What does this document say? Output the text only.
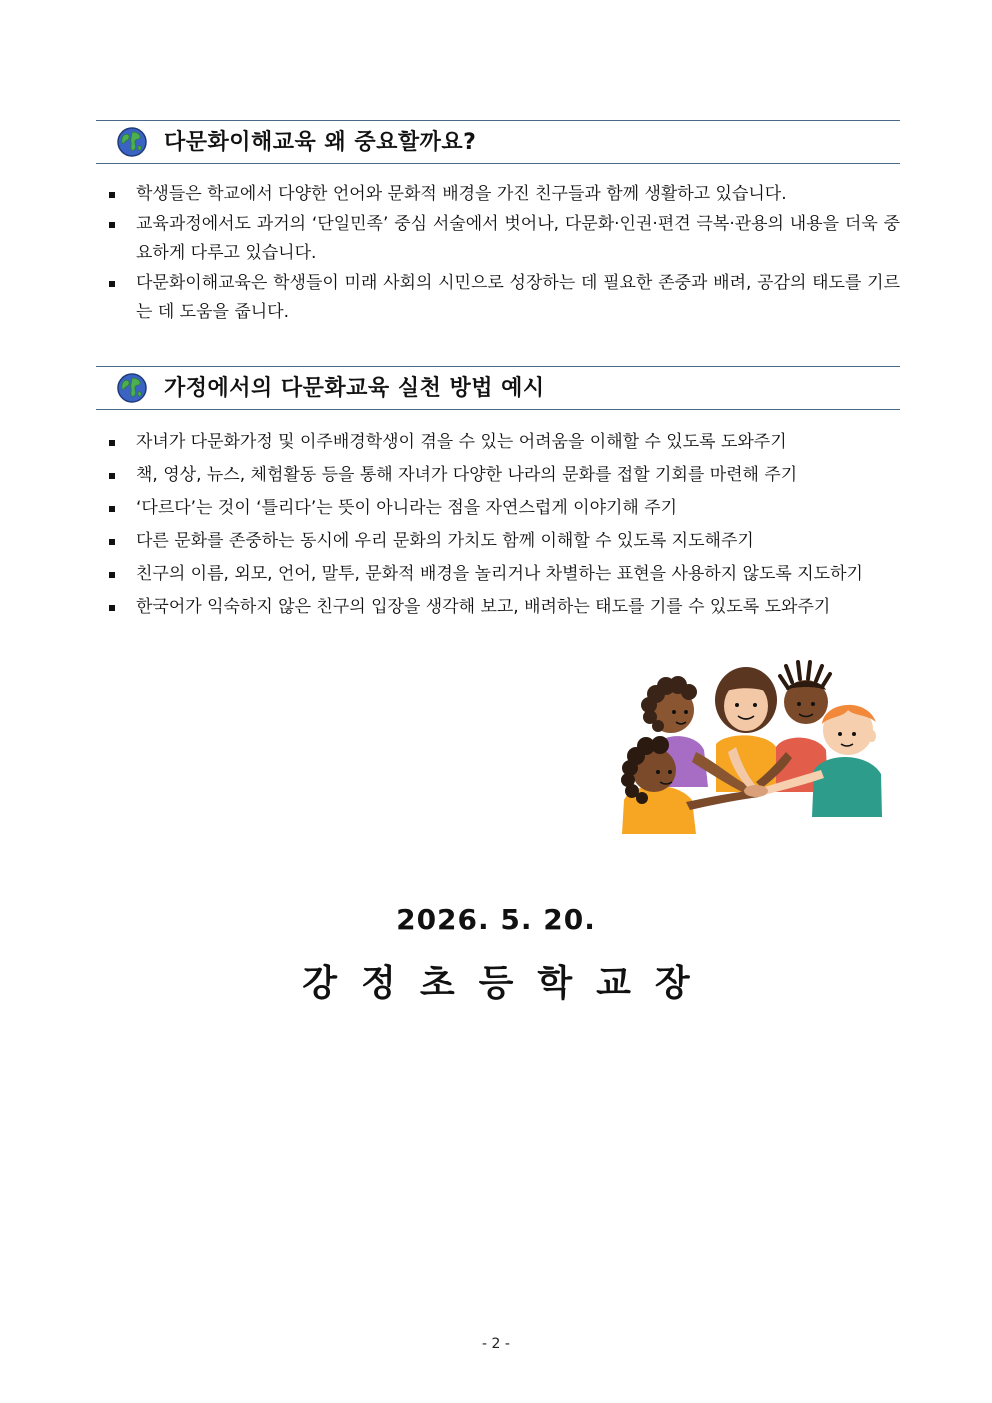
다문화이해교육 왜 중요할까요?
학생들은 학교에서 다양한 언어와 문화적 배경을 가진 친구들과 함께 생활하고 있습니다.
교육과정에서도 과거의 ‘단일민족’ 중심 서술에서 벗어나, 다문화·인권·편견 극복·관용의 내용을 더욱 중요하게 다루고 있습니다.
다문화이해교육은 학생들이 미래 사회의 시민으로 성장하는 데 필요한 존중과 배려, 공감의 태도를 기르는 데 도움을 줍니다.
가정에서의 다문화교육 실천 방법 예시
자녀가 다문화가정 및 이주배경학생이 겪을 수 있는 어려움을 이해할 수 있도록 도와주기
책, 영상, 뉴스, 체험활동 등을 통해 자녀가 다양한 나라의 문화를 접할 기회를 마련해 주기
‘다르다’는 것이 ‘틀리다’는 뜻이 아니라는 점을 자연스럽게 이야기해 주기
다른 문화를 존중하는 동시에 우리 문화의 가치도 함께 이해할 수 있도록 지도해주기
친구의 이름, 외모, 언어, 말투, 문화적 배경을 놀리거나 차별하는 표현을 사용하지 않도록 지도하기
한국어가 익숙하지 않은 친구의 입장을 생각해 보고, 배려하는 태도를 기를 수 있도록 도와주기
2026. 5. 20.
강정초등학교장
- 2 -
